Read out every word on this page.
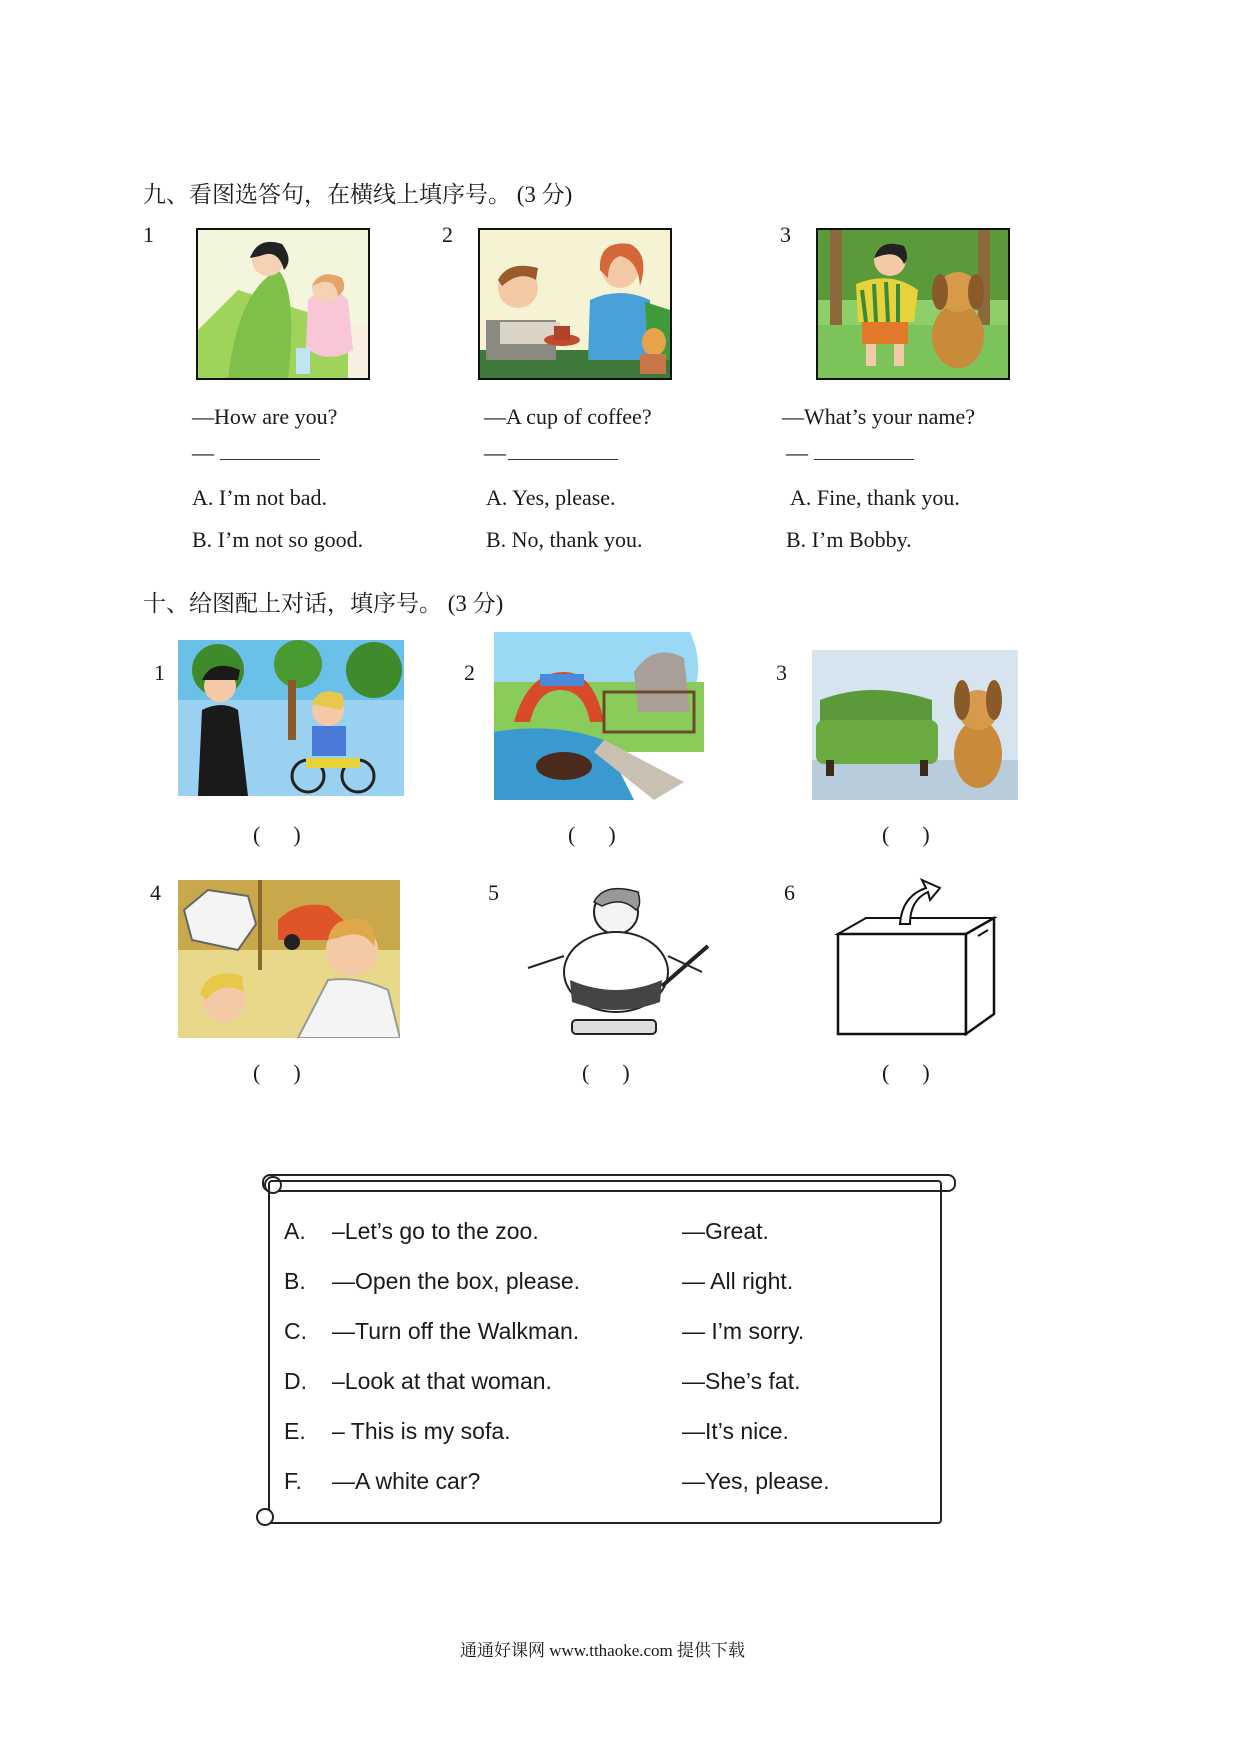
九、看图选答句，在横线上填序号。 (3 分)
1
—How are you?
—
A. I’m not bad.
B. I’m not so good.
2
—A cup of coffee?
—
A. Yes, please.
B. No, thank you.
3
—What’s your name?
—
A. Fine, thank you.
B. I’m Bobby.
十、给图配上对话，填序号。 (3 分)
1
(      )
2
(      )
3
(      )
4
(      )
5
(      )
6
(      )
A. –Let’s go to the zoo.	—Great.
B. —Open the box, please.	— All right.
C. —Turn off the Walkman.	— I’m sorry.
D. –Look at that woman.	—She’s fat.
E. – This is my sofa.	—It’s nice.
F. —A white car?	—Yes, please.
通通好课网 www.tthaoke.com 提供下载
